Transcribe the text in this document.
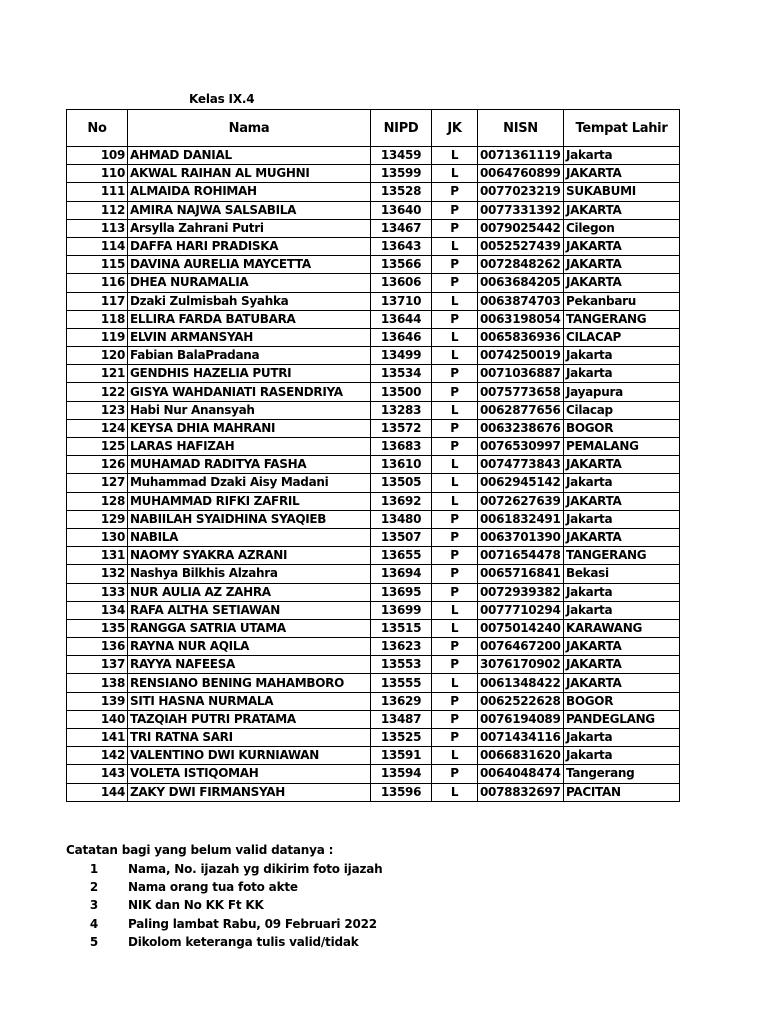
Kelas IX.4
No	Nama	NIPD	JK	NISN	Tempat Lahir
109	AHMAD DANIAL	13459	L	0071361119	Jakarta
110	AKWAL RAIHAN AL MUGHNI	13599	L	0064760899	JAKARTA
111	ALMAIDA ROHIMAH	13528	P	0077023219	SUKABUMI
112	AMIRA NAJWA SALSABILA	13640	P	0077331392	JAKARTA
113	Arsylla Zahrani Putri	13467	P	0079025442	Cilegon
114	DAFFA HARI PRADISKA	13643	L	0052527439	JAKARTA
115	DAVINA AURELIA MAYCETTA	13566	P	0072848262	JAKARTA
116	DHEA NURAMALIA	13606	P	0063684205	JAKARTA
117	Dzaki Zulmisbah Syahka	13710	L	0063874703	Pekanbaru
118	ELLIRA FARDA BATUBARA	13644	P	0063198054	TANGERANG
119	ELVIN ARMANSYAH	13646	L	0065836936	CILACAP
120	Fabian BalaPradana	13499	L	0074250019	Jakarta
121	GENDHIS HAZELIA PUTRI	13534	P	0071036887	Jakarta
122	GISYA WAHDANIATI RASENDRIYA	13500	P	0075773658	Jayapura
123	Habi Nur Anansyah	13283	L	0062877656	Cilacap
124	KEYSA DHIA MAHRANI	13572	P	0063238676	BOGOR
125	LARAS HAFIZAH	13683	P	0076530997	PEMALANG
126	MUHAMAD RADITYA FASHA	13610	L	0074773843	JAKARTA
127	Muhammad Dzaki Aisy Madani	13505	L	0062945142	Jakarta
128	MUHAMMAD RIFKI ZAFRIL	13692	L	0072627639	JAKARTA
129	NABIILAH SYAIDHINA SYAQIEB	13480	P	0061832491	Jakarta
130	NABILA	13507	P	0063701390	JAKARTA
131	NAOMY SYAKRA AZRANI	13655	P	0071654478	TANGERANG
132	Nashya Bilkhis Alzahra	13694	P	0065716841	Bekasi
133	NUR AULIA AZ ZAHRA	13695	P	0072939382	Jakarta
134	RAFA ALTHA SETIAWAN	13699	L	0077710294	Jakarta
135	RANGGA SATRIA UTAMA	13515	L	0075014240	KARAWANG
136	RAYNA NUR AQILA	13623	P	0076467200	JAKARTA
137	RAYYA NAFEESA	13553	P	3076170902	JAKARTA
138	RENSIANO BENING MAHAMBORO	13555	L	0061348422	JAKARTA
139	SITI HASNA NURMALA	13629	P	0062522628	BOGOR
140	TAZQIAH PUTRI PRATAMA	13487	P	0076194089	PANDEGLANG
141	TRI RATNA SARI	13525	P	0071434116	Jakarta
142	VALENTINO DWI KURNIAWAN	13591	L	0066831620	Jakarta
143	VOLETA ISTIQOMAH	13594	P	0064048474	Tangerang
144	ZAKY DWI FIRMANSYAH	13596	L	0078832697	PACITAN
Catatan bagi yang belum valid datanya :
1	Nama, No. ijazah yg dikirim foto ijazah
2	Nama orang tua foto akte
3	NIK dan No KK Ft KK
4	Paling lambat Rabu, 09 Februari 2022
5	Dikolom keteranga tulis valid/tidak
